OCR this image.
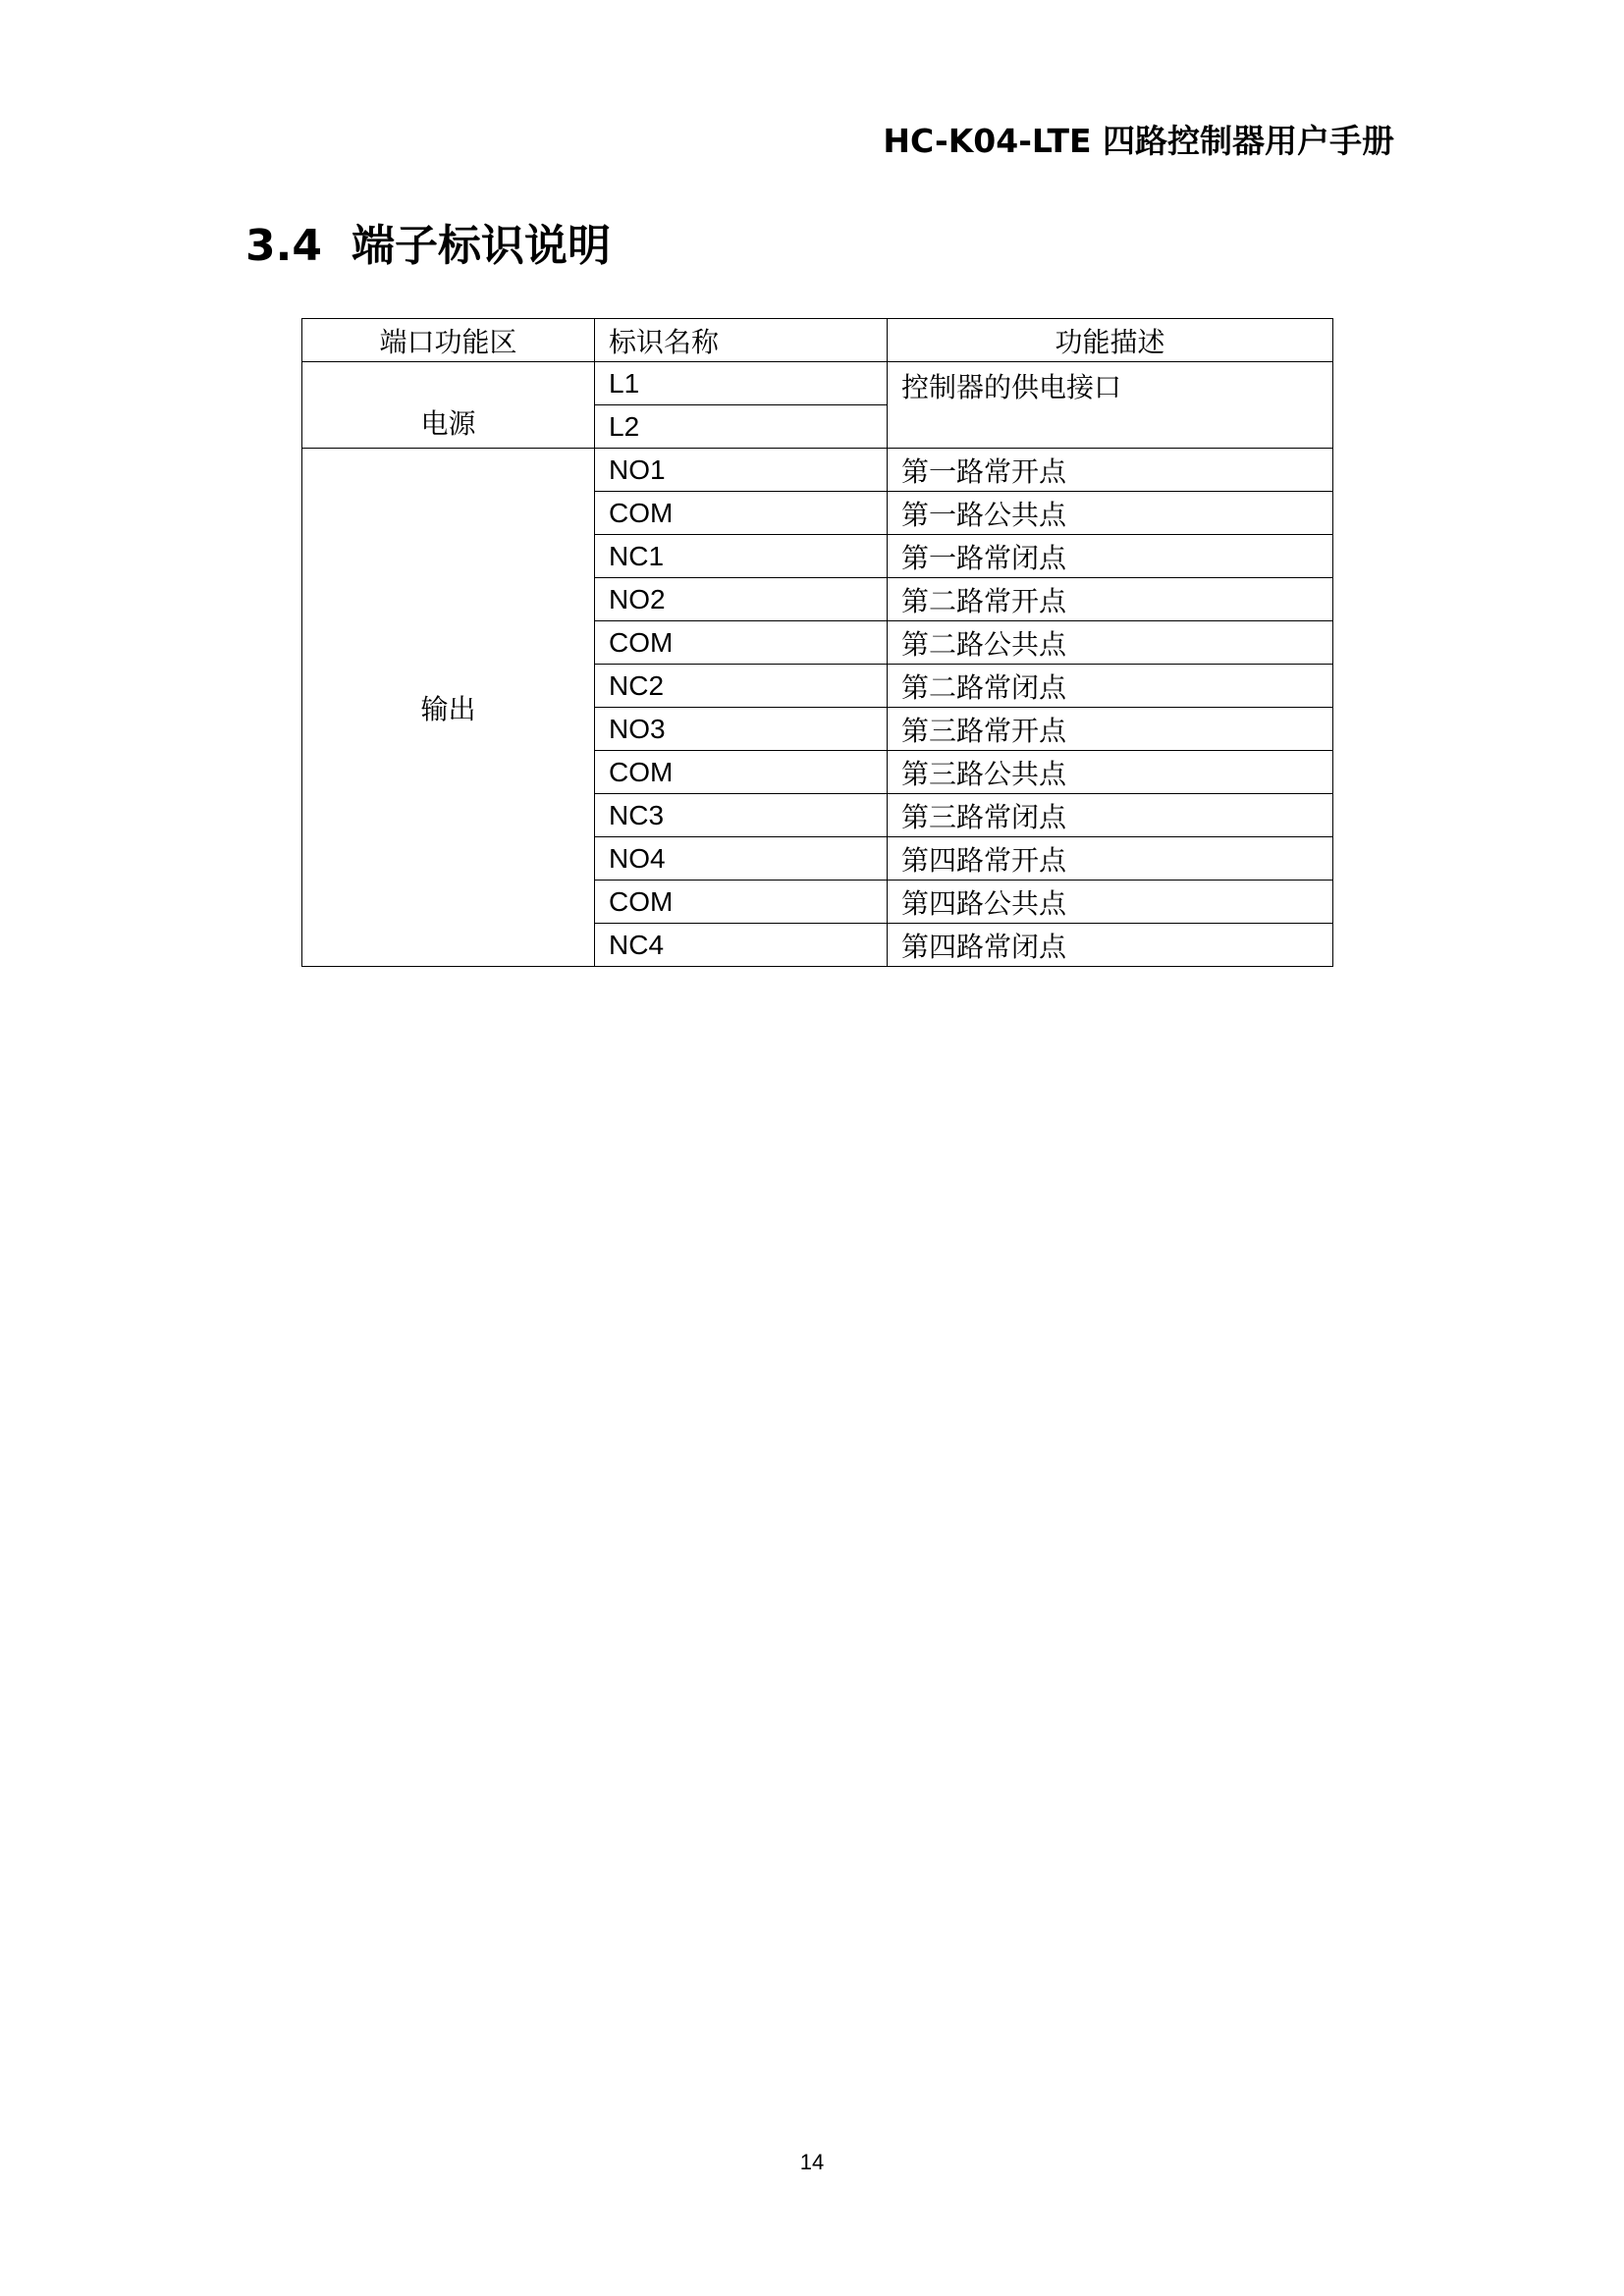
HC-K04-LTE 四路控制器用户手册
3.4 端子标识说明
端口功能区	标识名称	功能描述
电源	L1	控制器的供电接口
	L2	
输出	NO1	第一路常开点
	COM	第一路公共点
	NC1	第一路常闭点
	NO2	第二路常开点
	COM	第二路公共点
	NC2	第二路常闭点
	NO3	第三路常开点
	COM	第三路公共点
	NC3	第三路常闭点
	NO4	第四路常开点
	COM	第四路公共点
	NC4	第四路常闭点
14
